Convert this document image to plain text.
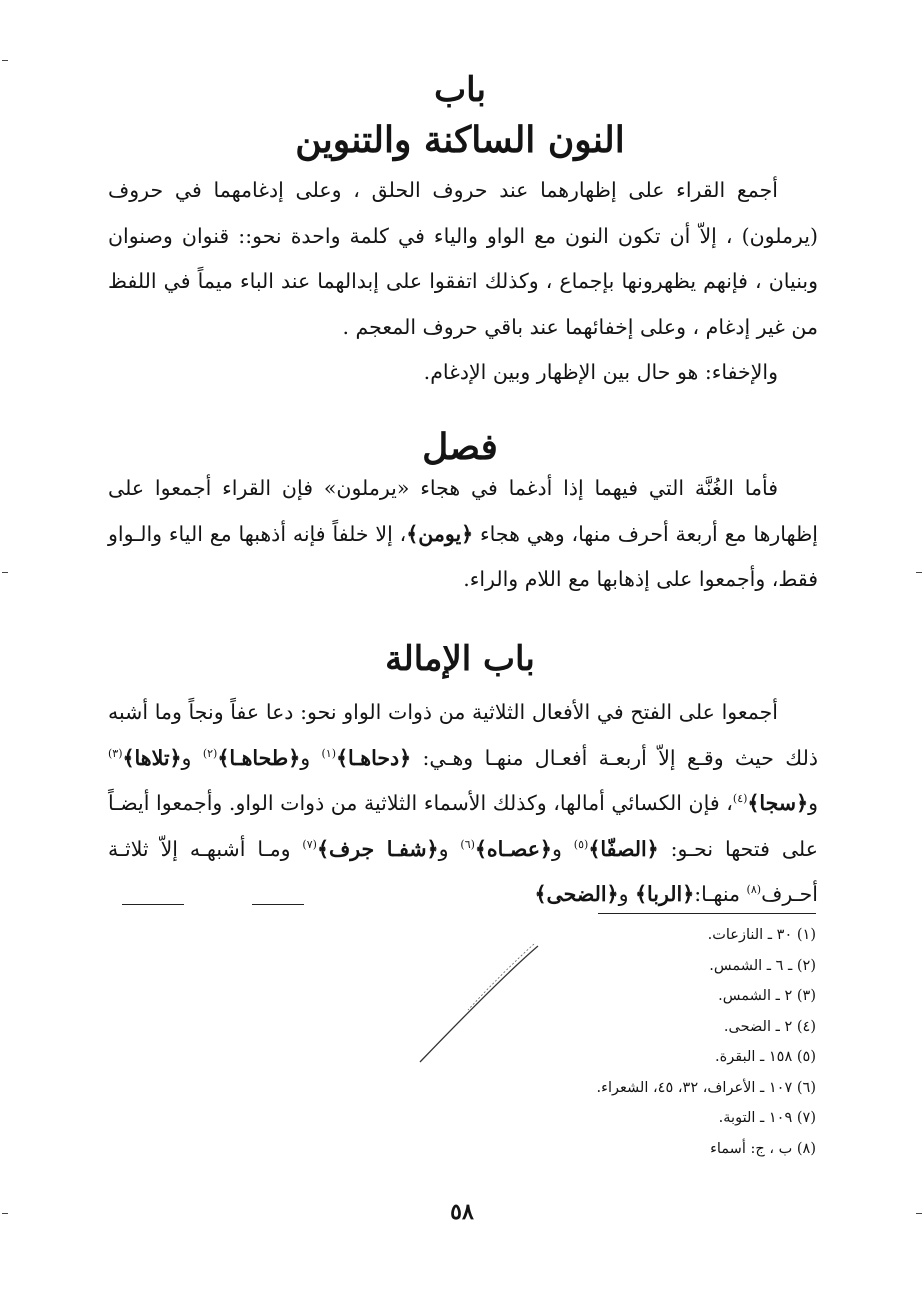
باب
النون الساكنة والتنوين
أجمع القراء على إظهارهما عند حروف الحلق ، وعلى إدغامهما في حروف (يرملون) ، إلاّ أن تكون النون مع الواو والياء في كلمة واحدة نحو:: قنوان وصنوان وبنيان ، فإنهم يظهرونها بإجماع ، وكذلك اتفقوا على إبدالهما عند الباء ميماً في اللفظ من غير إدغام ، وعلى إخفائهما عند باقي حروف المعجم .
والإخفاء: هو حال بين الإظهار وبين الإدغام.
فصل
فأما الغُنَّة التي فيهما إذا أدغما في هجاء «يرملون» فإن القراء أجمعوا على إظهارها مع أربعة أحرف منها، وهي هجاء ﴿يومن﴾، إلا خلفاً فإنه أذهبها مع الياء والـواو فقط، وأجمعوا على إذهابها مع اللام والراء.
باب الإمالة
أجمعوا على الفتح في الأفعال الثلاثية من ذوات الواو نحو: دعا عفاً ونجاً وما أشبه ذلك حيث وقـع إلاّ أربعـة أفعـال منهـا وهـي: ﴿دحاهـا﴾$^{(١)}$ و﴿طحاهـا﴾$^{(٢)}$ و﴿تلاها﴾$^{(٣)}$ و﴿سجا﴾$^{(٤)}$، فإن الكسائي أمالها، وكذلك الأسماء الثلاثية من ذوات الواو. وأجمعوا أيضـاً على فتحها نحـو: ﴿الصفّا﴾$^{(٥)}$ و﴿عصـاه﴾$^{(٦)}$ و﴿شفـا جرف﴾$^{(٧)}$ ومـا أشبهـه إلاّ ثلاثـة أحـرف$^{(٨)}$ منهـا:﴿الربا﴾ و﴿الضحى﴾
(١) ٣٠ ـ النازعات.
(٢) ـ ٦ ـ الشمس.
(٣) ٢ ـ الشمس.
(٤) ٢ ـ الضحى.
(٥) ١٥٨ ـ البقرة.
(٦) ١٠٧ ـ الأعراف، ٣٢، ٤٥، الشعراء.
(٧) ١٠٩ ـ التوبة.
(٨) ب ، ج: أسماء
٥٨
